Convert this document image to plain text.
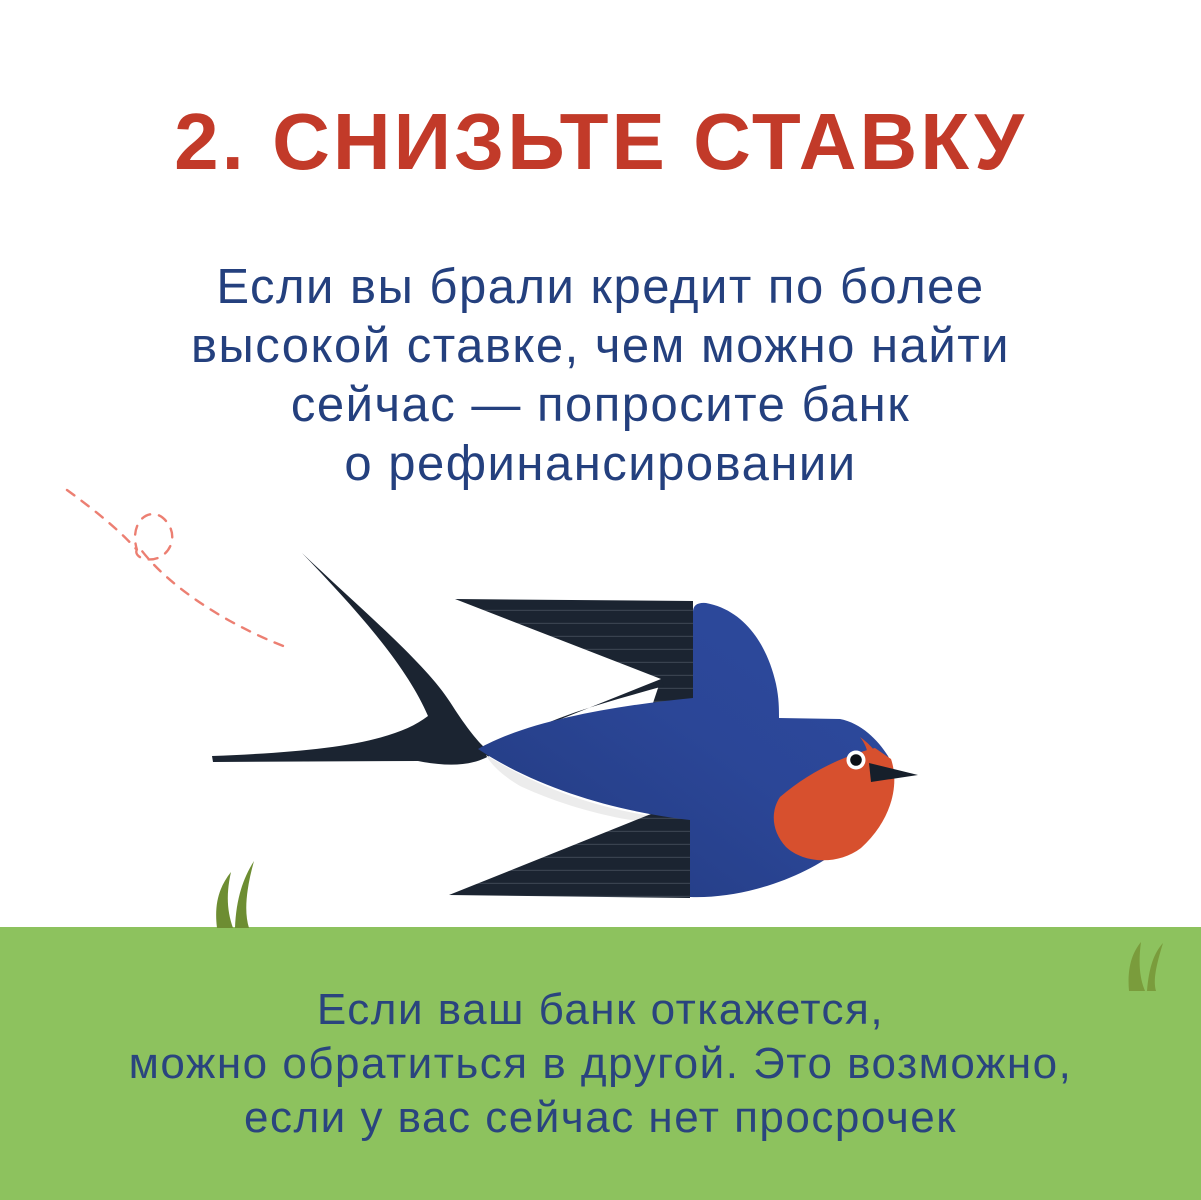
2. СНИЗЬТЕ СТАВКУ
Если вы брали кредит по более
высокой ставке, чем можно найти
сейчас — попросите банк
о рефинансировании
Если ваш банк откажется,
можно обратиться в другой. Это возможно,
если у вас сейчас нет просрочек
